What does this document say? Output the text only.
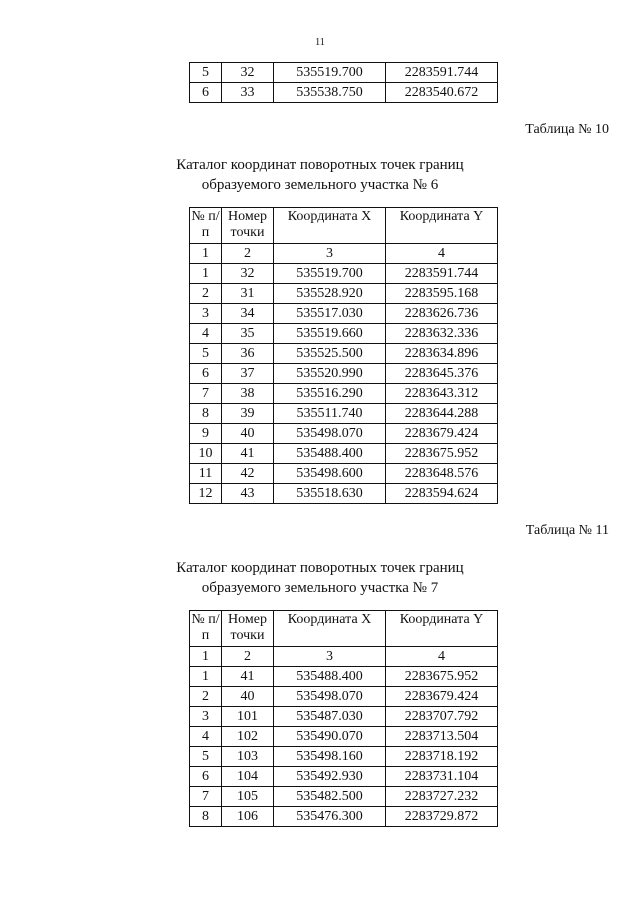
11
5	32	535519.700	2283591.744
6	33	535538.750	2283540.672
Таблица № 10
Каталог координат поворотных точек границ
образуемого земельного участка № 6
№ п/п	Номер точки	Координата X	Координата Y
1	2	3	4
1	32	535519.700	2283591.744
2	31	535528.920	2283595.168
3	34	535517.030	2283626.736
4	35	535519.660	2283632.336
5	36	535525.500	2283634.896
6	37	535520.990	2283645.376
7	38	535516.290	2283643.312
8	39	535511.740	2283644.288
9	40	535498.070	2283679.424
10	41	535488.400	2283675.952
11	42	535498.600	2283648.576
12	43	535518.630	2283594.624
Таблица № 11
Каталог координат поворотных точек границ
образуемого земельного участка № 7
№ п/п	Номер точки	Координата X	Координата Y
1	2	3	4
1	41	535488.400	2283675.952
2	40	535498.070	2283679.424
3	101	535487.030	2283707.792
4	102	535490.070	2283713.504
5	103	535498.160	2283718.192
6	104	535492.930	2283731.104
7	105	535482.500	2283727.232
8	106	535476.300	2283729.872
